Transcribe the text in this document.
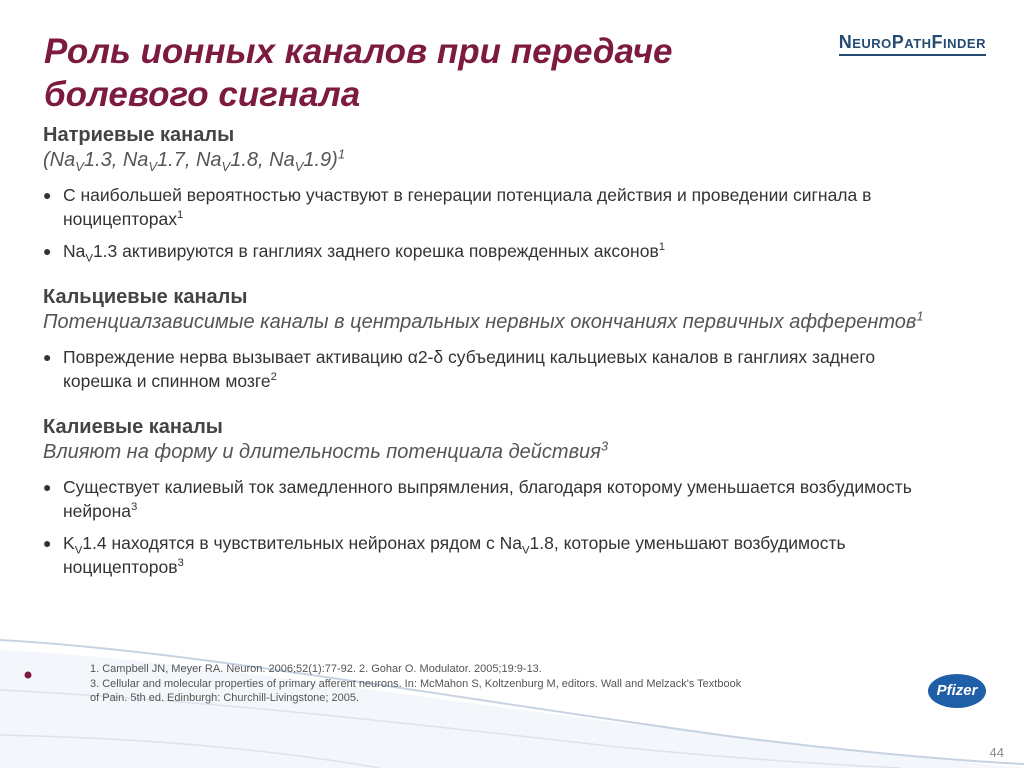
Роль ионных каналов при передаче болевого сигнала
NEUROPATHFINDER
Натриевые каналы
($Na_V1.3$, $Na_V1.7$, $Na_V1.8$, $Na_V1.9)^1$
● С наибольшей вероятностью участвуют в генерации потенциала действия и проведении сигнала в ноцицепторах$^1$
● $Na_V1.3$ активируются в ганглиях заднего корешка поврежденных аксонов$^1$
Кальциевые каналы
Потенциалзависимые каналы в центральных нервных окончаниях первичных афферентов$^1$
● Повреждение нерва вызывает активацию α2-δ субъединиц кальциевых каналов в ганглиях заднего корешка и спинном мозге$^2$
Калиевые каналы
Влияют на форму и длительность потенциала действия$^3$
● Существует калиевый ток замедленного выпрямления, благодаря которому уменьшается возбудимость нейрона$^3$
● $K_V1.4$ находятся в чувствительных нейронах рядом с $Na_V1.8$, которые уменьшают возбудимость ноцицепторов$^3$
1. Campbell JN, Meyer RA. Neuron. 2006;52(1):77-92. 2. Gohar O. Modulator. 2005;19:9-13.
3. Cellular and molecular properties of primary afferent neurons. In: McMahon S, Koltzenburg M, editors. Wall and Melzack's Textbook
of Pain. 5th ed. Edinburgh: Churchill-Livingstone; 2005.	Pfizer
44
